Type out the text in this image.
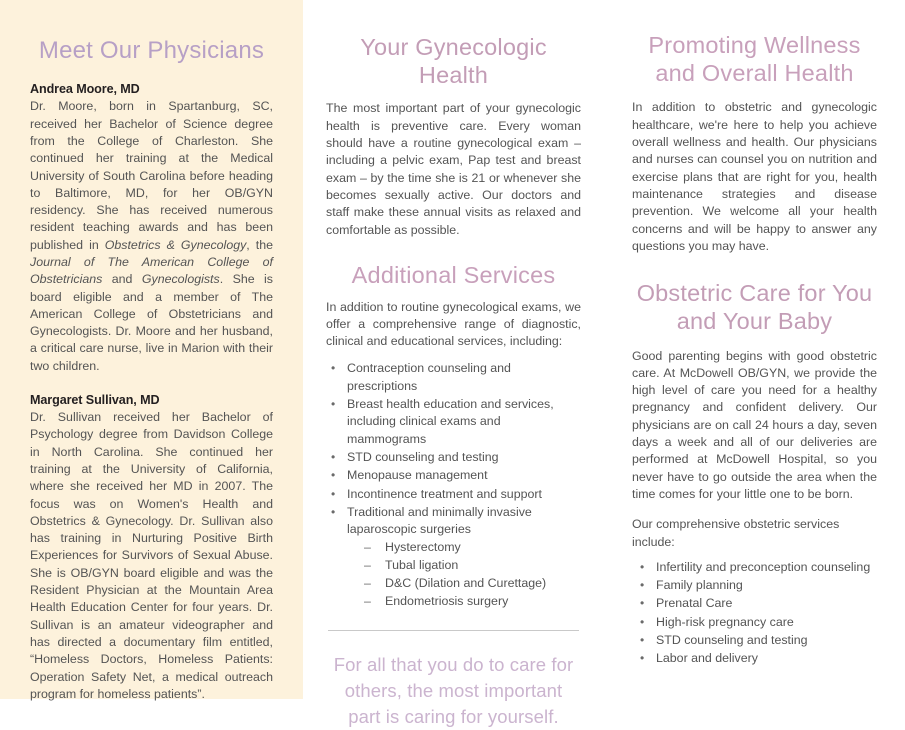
Meet Our Physicians

Andrea Moore, MD

Dr. Moore, born in Spartanburg, SC, received her Bachelor of Science degree from the College of Charleston. She continued her training at the Medical University of South Carolina before heading to Baltimore, MD, for her OB/GYN residency. She has received numerous resident teaching awards and has been published in Obstetrics & Gynecology, the Journal of The American College of Obstetricians and Gynecologists. She is board eligible and a member of The American College of Obstetricians and Gynecologists. Dr. Moore and her husband, a critical care nurse, live in Marion with their two children.

Margaret Sullivan, MD

Dr. Sullivan received her Bachelor of Psychology degree from Davidson College in North Carolina. She continued her training at the University of California, where she received her MD in 2007. The focus was on Women's Health and Obstetrics & Gynecology. Dr. Sullivan also has training in Nurturing Positive Birth Experiences for Survivors of Sexual Abuse. She is OB/GYN board eligible and was the Resident Physician at the Mountain Area Health Education Center for four years. Dr. Sullivan is an amateur videographer and has directed a documentary film entitled, “Homeless Doctors, Homeless Patients: Operation Safety Net, a medical outreach program for homeless patients”.

Your Gynecologic Health

The most important part of your gynecologic health is preventive care. Every woman should have a routine gynecological exam – including a pelvic exam, Pap test and breast exam – by the time she is 21 or whenever she becomes sexually active. Our doctors and staff make these annual visits as relaxed and comfortable as possible.

Additional Services

In addition to routine gynecological exams, we offer a comprehensive range of diagnostic, clinical and educational services, including:

• Contraception counseling and prescriptions
• Breast health education and services, including clinical exams and mammograms
• STD counseling and testing
• Menopause management
• Incontinence treatment and support
• Traditional and minimally invasive laparoscopic surgeries
– Hysterectomy
– Tubal ligation
– D&C (Dilation and Curettage)
– Endometriosis surgery

For all that you do to care for others, the most important part is caring for yourself.

Promoting Wellness and Overall Health

In addition to obstetric and gynecologic healthcare, we're here to help you achieve overall wellness and health. Our physicians and nurses can counsel you on nutrition and exercise plans that are right for you, health maintenance strategies and disease prevention. We welcome all your health concerns and will be happy to answer any questions you may have.

Obstetric Care for You and Your Baby

Good parenting begins with good obstetric care. At McDowell OB/GYN, we provide the high level of care you need for a healthy pregnancy and confident delivery. Our physicians are on call 24 hours a day, seven days a week and all of our deliveries are performed at McDowell Hospital, so you never have to go outside the area when the time comes for your little one to be born.

Our comprehensive obstetric services include:

• Infertility and preconception counseling
• Family planning
• Prenatal Care
• High-risk pregnancy care
• STD counseling and testing
• Labor and delivery
